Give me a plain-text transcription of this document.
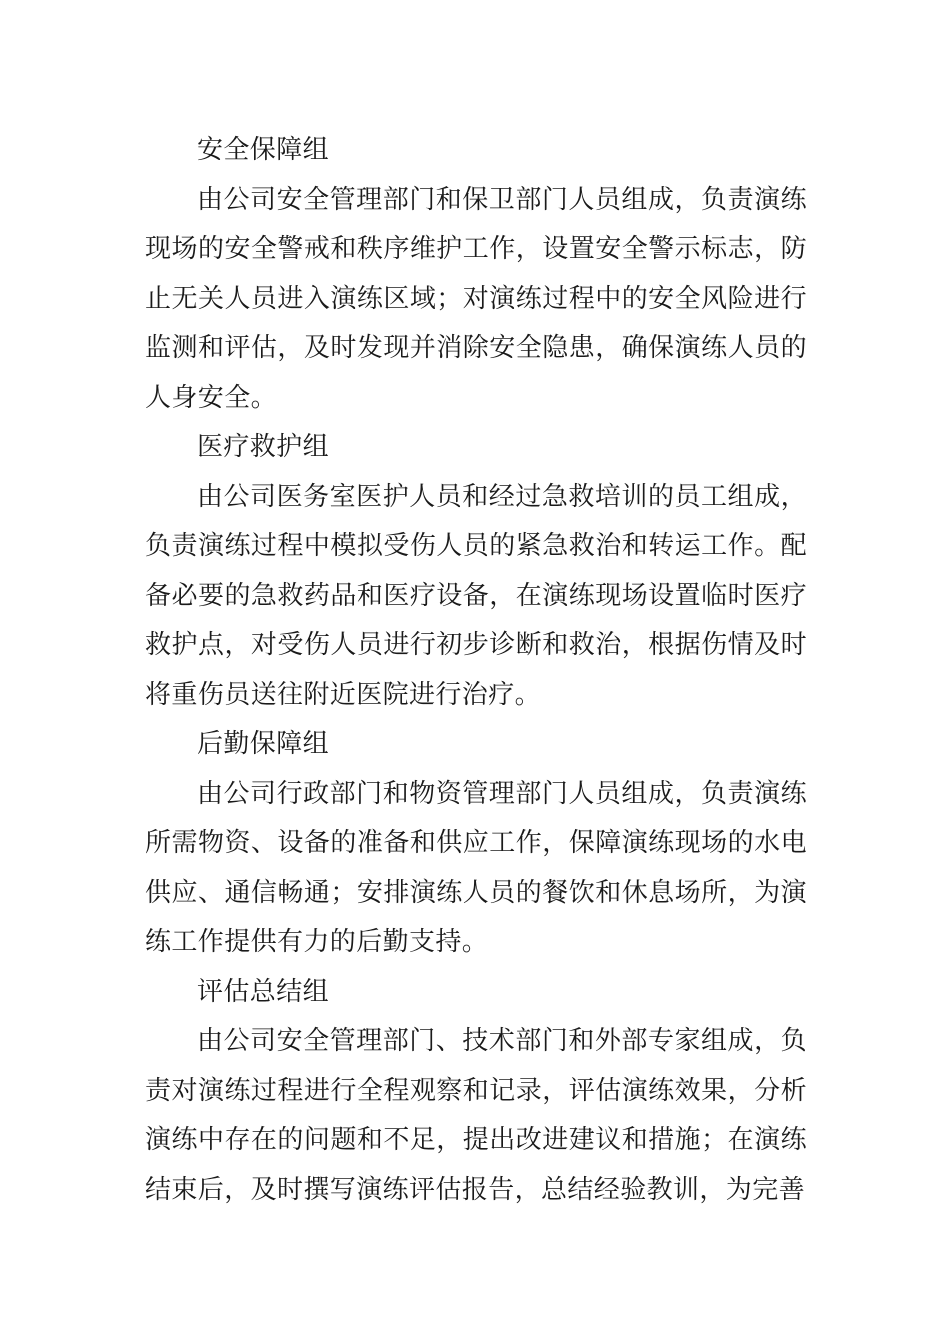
安全保障组

由公司安全管理部门和保卫部门人员组成，负责演练现场的安全警戒和秩序维护工作，设置安全警示标志，防止无关人员进入演练区域；对演练过程中的安全风险进行监测和评估，及时发现并消除安全隐患，确保演练人员的人身安全。

医疗救护组

由公司医务室医护人员和经过急救培训的员工组成，负责演练过程中模拟受伤人员的紧急救治和转运工作。配备必要的急救药品和医疗设备，在演练现场设置临时医疗救护点，对受伤人员进行初步诊断和救治，根据伤情及时将重伤员送往附近医院进行治疗。

后勤保障组

由公司行政部门和物资管理部门人员组成，负责演练所需物资、设备的准备和供应工作，保障演练现场的水电供应、通信畅通；安排演练人员的餐饮和休息场所，为演练工作提供有力的后勤支持。

评估总结组

由公司安全管理部门、技术部门和外部专家组成，负责对演练过程进行全程观察和记录，评估演练效果，分析演练中存在的问题和不足，提出改进建议和措施；在演练结束后，及时撰写演练评估报告，总结经验教训，为完善
